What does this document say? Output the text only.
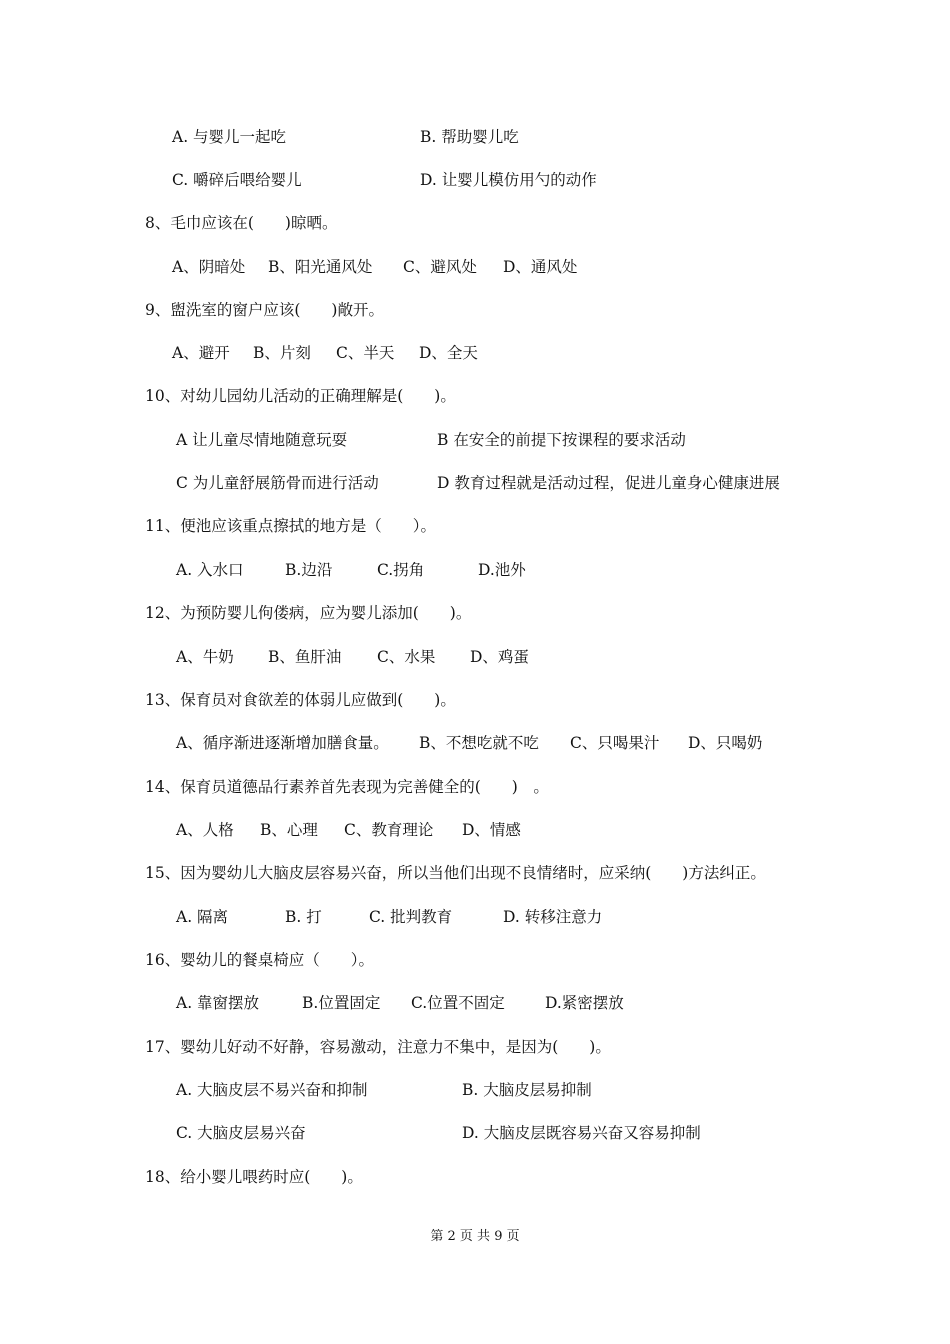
A. 与婴儿一起吃	B. 帮助婴儿吃
C. 嚼碎后喂给婴儿	D. 让婴儿模仿用勺的动作
8、毛巾应该在(　　)晾晒。
A、阴暗处 B、阳光通风处 C、避风处 D、通风处
9、盥洗室的窗户应该(　　)敞开。
A、避开 B、片刻 C、半天 D、全天
10、对幼儿园幼儿活动的正确理解是(　　)。
A 让儿童尽情地随意玩耍	B 在安全的前提下按课程的要求活动
C 为儿童舒展筋骨而进行活动	D 教育过程就是活动过程，促进儿童身心健康进展
11、便池应该重点擦拭的地方是（　　）。
A. 入水口	B.边沿	C.拐角	D.池外
12、为预防婴儿佝偻病，应为婴儿添加(　　)。
A、牛奶 B、鱼肝油 C、水果 D、鸡蛋
13、保育员对食欲差的体弱儿应做到(　　)。
A、循序渐进逐渐增加膳食量。 B、不想吃就不吃 C、只喝果汁 D、只喝奶
14、保育员道德品行素养首先表现为完善健全的(　　)　。
A、人格 B、心理 C、教育理论 D、情感
15、因为婴幼儿大脑皮层容易兴奋，所以当他们出现不良情绪时，应采纳(　　)方法纠正。
A. 隔离	B. 打	C. 批判教育	D. 转移注意力
16、婴幼儿的餐桌椅应（　　）。
A. 靠窗摆放	B.位置固定 C.位置不固定	D.紧密摆放
17、婴幼儿好动不好静，容易激动，注意力不集中，是因为(　　)。
A. 大脑皮层不易兴奋和抑制	B. 大脑皮层易抑制
C. 大脑皮层易兴奋	D. 大脑皮层既容易兴奋又容易抑制
18、给小婴儿喂药时应(　　)。
第 2 页 共 9 页
